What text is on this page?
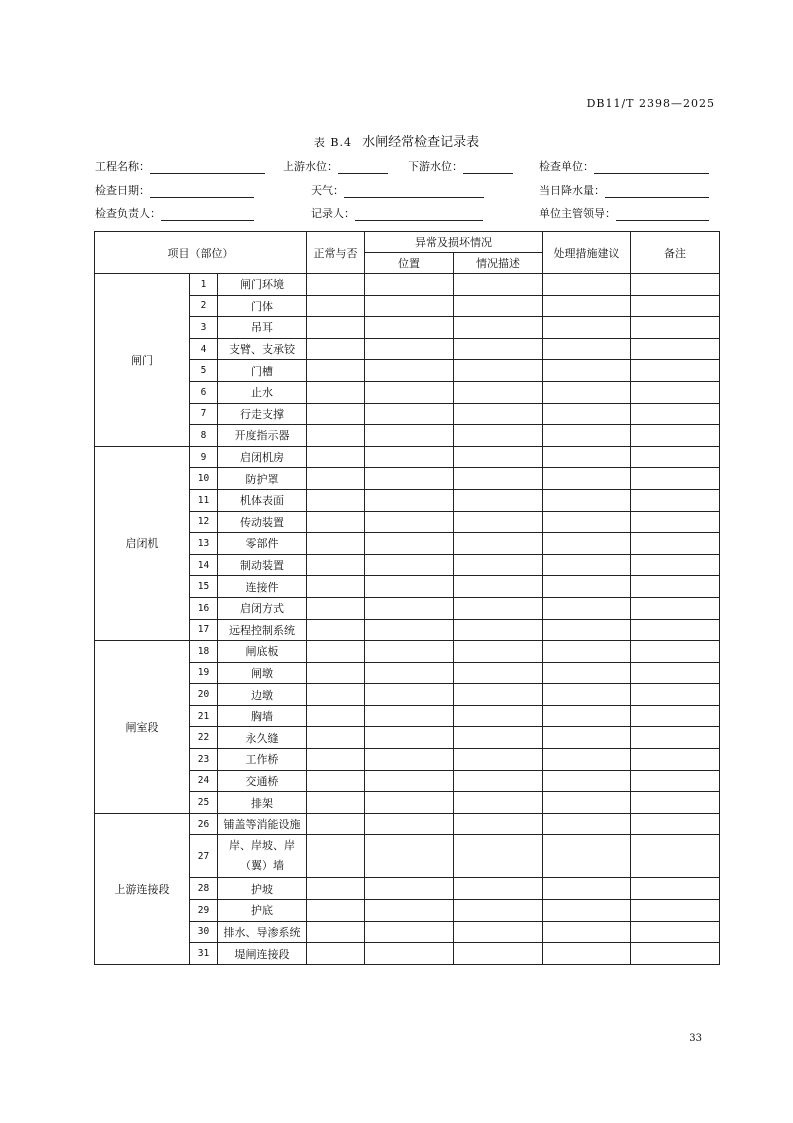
DB11/T 2398—2025
表 B.4 水闸经常检查记录表
工程名称：	上游水位：	下游水位：	检查单位：
检查日期：	天气：	当日降水量：
检查负责人：	记录人：	单位主管领导：
项目（部位）			正常与否	异常及损坏情况		处理措施建议	备注
				位置	情况描述		
闸门	1	闸门环境					
	2	门体					
	3	吊耳					
	4	支臂、支承铰					
	5	门槽					
	6	止水					
	7	行走支撑					
	8	开度指示器					
启闭机	9	启闭机房					
	10	防护罩					
	11	机体表面					
	12	传动装置					
	13	零部件					
	14	制动装置					
	15	连接件					
	16	启闭方式					
	17	远程控制系统					
闸室段	18	闸底板					
	19	闸墩					
	20	边墩					
	21	胸墙					
	22	永久缝					
	23	工作桥					
	24	交通桥					
	25	排架					
上游连接段	26	铺盖等消能设施					
	27	岸、岸坡、岸（翼）墙					
	28	护坡					
	29	护底					
	30	排水、导渗系统					
	31	堤闸连接段					
33
